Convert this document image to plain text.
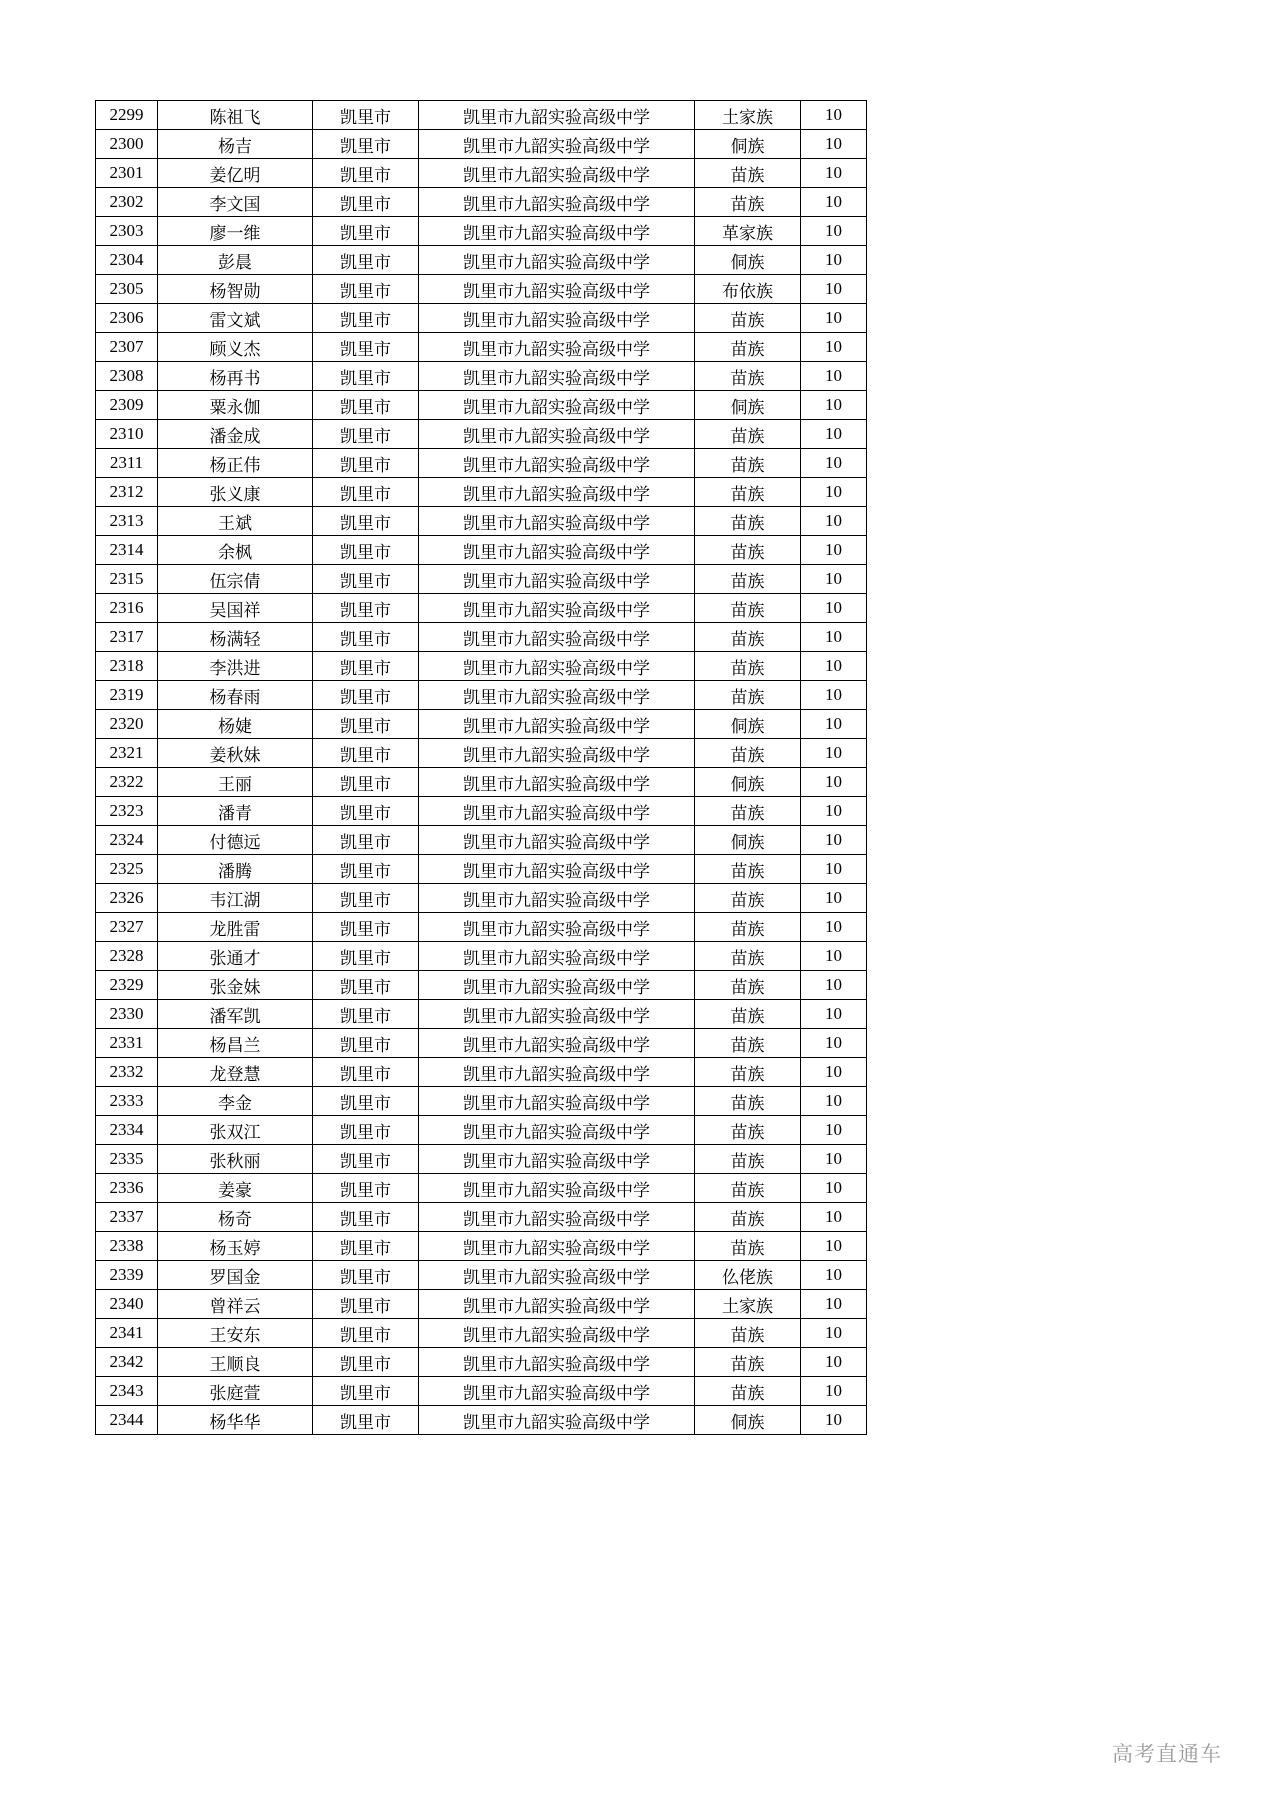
2299	陈祖飞	凯里市	凯里市九韶实验高级中学	土家族	10
2300	杨吉	凯里市	凯里市九韶实验高级中学	侗族	10
2301	姜亿明	凯里市	凯里市九韶实验高级中学	苗族	10
2302	李文国	凯里市	凯里市九韶实验高级中学	苗族	10
2303	廖一维	凯里市	凯里市九韶实验高级中学	革家族	10
2304	彭晨	凯里市	凯里市九韶实验高级中学	侗族	10
2305	杨智勋	凯里市	凯里市九韶实验高级中学	布依族	10
2306	雷文斌	凯里市	凯里市九韶实验高级中学	苗族	10
2307	顾义杰	凯里市	凯里市九韶实验高级中学	苗族	10
2308	杨再书	凯里市	凯里市九韶实验高级中学	苗族	10
2309	粟永伽	凯里市	凯里市九韶实验高级中学	侗族	10
2310	潘金成	凯里市	凯里市九韶实验高级中学	苗族	10
2311	杨正伟	凯里市	凯里市九韶实验高级中学	苗族	10
2312	张义康	凯里市	凯里市九韶实验高级中学	苗族	10
2313	王斌	凯里市	凯里市九韶实验高级中学	苗族	10
2314	余枫	凯里市	凯里市九韶实验高级中学	苗族	10
2315	伍宗倩	凯里市	凯里市九韶实验高级中学	苗族	10
2316	吴国祥	凯里市	凯里市九韶实验高级中学	苗族	10
2317	杨满轻	凯里市	凯里市九韶实验高级中学	苗族	10
2318	李洪进	凯里市	凯里市九韶实验高级中学	苗族	10
2319	杨春雨	凯里市	凯里市九韶实验高级中学	苗族	10
2320	杨婕	凯里市	凯里市九韶实验高级中学	侗族	10
2321	姜秋妹	凯里市	凯里市九韶实验高级中学	苗族	10
2322	王丽	凯里市	凯里市九韶实验高级中学	侗族	10
2323	潘青	凯里市	凯里市九韶实验高级中学	苗族	10
2324	付德远	凯里市	凯里市九韶实验高级中学	侗族	10
2325	潘腾	凯里市	凯里市九韶实验高级中学	苗族	10
2326	韦江湖	凯里市	凯里市九韶实验高级中学	苗族	10
2327	龙胜雷	凯里市	凯里市九韶实验高级中学	苗族	10
2328	张通才	凯里市	凯里市九韶实验高级中学	苗族	10
2329	张金妹	凯里市	凯里市九韶实验高级中学	苗族	10
2330	潘军凯	凯里市	凯里市九韶实验高级中学	苗族	10
2331	杨昌兰	凯里市	凯里市九韶实验高级中学	苗族	10
2332	龙登慧	凯里市	凯里市九韶实验高级中学	苗族	10
2333	李金	凯里市	凯里市九韶实验高级中学	苗族	10
2334	张双江	凯里市	凯里市九韶实验高级中学	苗族	10
2335	张秋丽	凯里市	凯里市九韶实验高级中学	苗族	10
2336	姜豪	凯里市	凯里市九韶实验高级中学	苗族	10
2337	杨奇	凯里市	凯里市九韶实验高级中学	苗族	10
2338	杨玉婷	凯里市	凯里市九韶实验高级中学	苗族	10
2339	罗国金	凯里市	凯里市九韶实验高级中学	仫佬族	10
2340	曾祥云	凯里市	凯里市九韶实验高级中学	土家族	10
2341	王安东	凯里市	凯里市九韶实验高级中学	苗族	10
2342	王顺良	凯里市	凯里市九韶实验高级中学	苗族	10
2343	张庭萱	凯里市	凯里市九韶实验高级中学	苗族	10
2344	杨华华	凯里市	凯里市九韶实验高级中学	侗族	10
高考直通车
